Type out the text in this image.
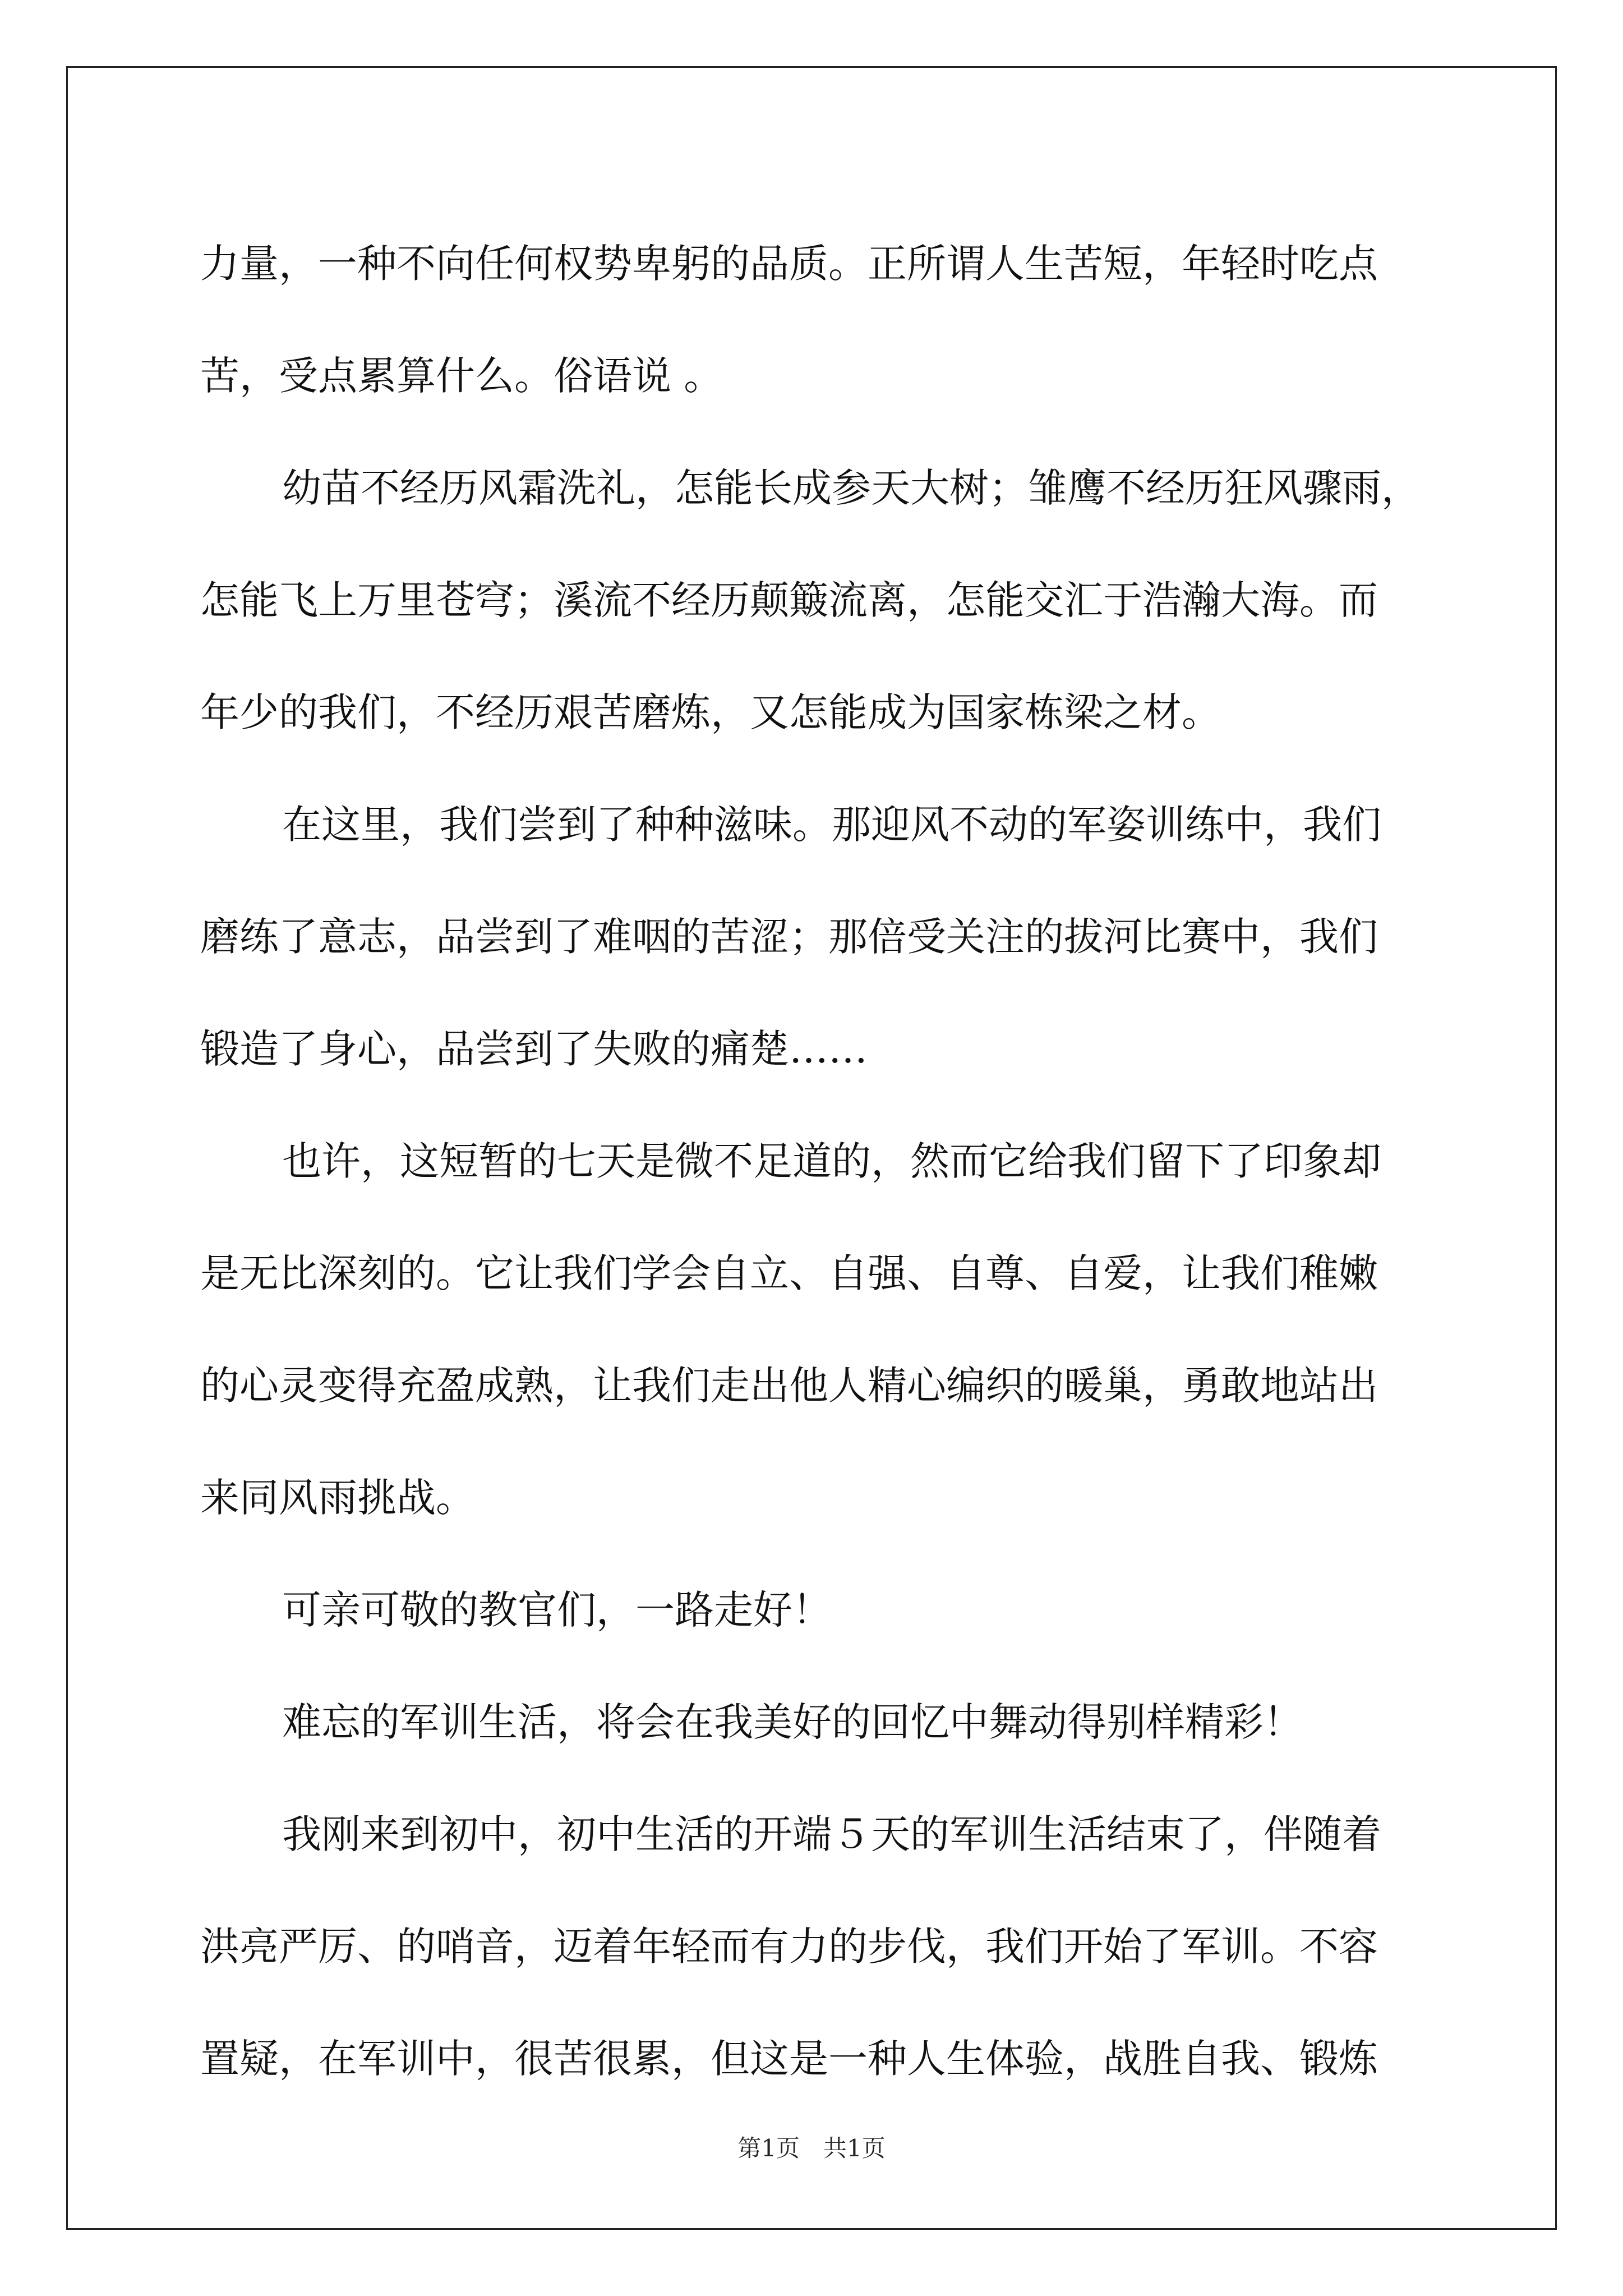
力量，一种不向任何权势卑躬的品质。正所谓人生苦短，年轻时吃点
苦，受点累算什么。俗语说 。

幼苗不经历风霜洗礼，怎能长成参天大树；雏鹰不经历狂风骤雨，
怎能飞上万里苍穹；溪流不经历颠簸流离，怎能交汇于浩瀚大海。而
年少的我们，不经历艰苦磨炼，又怎能成为国家栋梁之材。

在这里，我们尝到了种种滋味。那迎风不动的军姿训练中，我们
磨练了意志，品尝到了难咽的苦涩；那倍受关注的拔河比赛中，我们
锻造了身心，品尝到了失败的痛楚……

也许，这短暂的七天是微不足道的，然而它给我们留下了印象却
是无比深刻的。它让我们学会自立、自强、自尊、自爱，让我们稚嫩
的心灵变得充盈成熟，让我们走出他人精心编织的暖巢，勇敢地站出
来同风雨挑战。

可亲可敬的教官们，一路走好！

难忘的军训生活，将会在我美好的回忆中舞动得别样精彩！

我刚来到初中，初中生活的开端５天的军训生活结束了，伴随着
洪亮严厉、的哨音，迈着年轻而有力的步伐，我们开始了军训。不容
置疑，在军训中，很苦很累，但这是一种人生体验，战胜自我、锻炼

第1页　共1页
